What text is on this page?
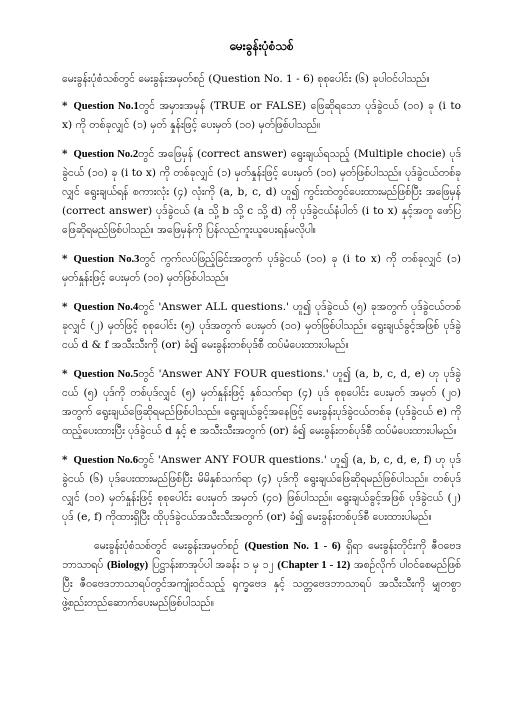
မေးခွန်းပုံစံသစ်

မေးခွန်းပုံစံသစ်တွင် မေးခွန်းအမှတ်စဉ် (Question No. 1 - 6) စုစုပေါင်း (၆) ခုပါဝင်ပါသည်။

* Question No.1တွင် အမှား၊အမှန် (TRUE or FALSE) ဖြေဆိုရသော ပုဒ်ခွဲငယ် (၁၀) ခု (i to x) ကို တစ်ခုလျှင် (၁) မှတ် နှုန်းဖြင့် ပေးမှတ် (၁၀) မှတ်ဖြစ်ပါသည်။

* Question No.2တွင် အဖြေမှန် (correct answer) ရွေးချယ်ရသည့် (Multiple chocie) ပုဒ်ခွဲငယ် (၁၀) ခု (i to x) ကို တစ်ခုလျှင် (၁) မှတ်နှုန်းဖြင့် ပေးမှတ် (၁၀) မှတ်ဖြစ်ပါသည်။ ပုဒ်ခွဲငယ်တစ်ခုလျှင် ရွေးချယ်ရန် စကားလုံး (၄) လုံးကို (a, b, c, d) ဟူ၍ ကွင်းထဲတွင်ပေးထားမည်ဖြစ်ပြီး အဖြေမှန် (correct answer) ပုဒ်ခွဲငယ် (a သို့ b သို့ c သို့ d) ကို ပုဒ်ခွဲငယ်နံပါတ် (i to x) နှင့်အတူ ဖော်ပြဖြေဆိုရမည်ဖြစ်ပါသည်။ အဖြေမှန်ကို ပြန်လည်ကူးယူပေးရန်မလိုပါ။

* Question No.3တွင် ကွက်လပ်ဖြည့်ခြင်းအတွက် ပုဒ်ခွဲငယ် (၁၀) ခု (i to x) ကို တစ်ခုလျှင် (၁) မှတ်နှုန်းဖြင့် ပေးမှတ် (၁၀) မှတ်ဖြစ်ပါသည်။

* Question No.4တွင် 'Answer ALL questions.' ဟူ၍ ပုဒ်ခွဲငယ် (၅) ခုအတွက် ပုဒ်ခွဲငယ်တစ်ခုလျှင် (၂) မှတ်ဖြင့် စုစုပေါင်း (၅) ပုဒ်အတွက် ပေးမှတ် (၁၀) မှတ်ဖြစ်ပါသည်။ ရွေးချယ်ခွင့်အဖြစ် ပုဒ်ခွဲငယ် d & f အသီးသီးကို (or) ခံ၍ မေးခွန်းတစ်ပုဒ်စီ ထပ်မံပေးထားပါမည်။

* Question No.5တွင် 'Answer ANY FOUR questions.' ဟူ၍ (a, b, c, d, e) ဟု ပုဒ်ခွဲငယ် (၅) ပုဒ်ကို တစ်ပုဒ်လျှင် (၅) မှတ်နှုန်းဖြင့် နှစ်သက်ရာ (၄) ပုဒ် စုစုပေါင်း ပေးမှတ် အမှတ် (၂၀) အတွက် ရွေးချယ်ဖြေဆိုရမည်ဖြစ်ပါသည်။ ရွေးချယ်ခွင့်အနေဖြင့် မေးခွန်းပုဒ်ခွဲငယ်တစ်ခု (ပုဒ်ခွဲငယ် e) ကို ထည့်ပေးထားပြီး ပုဒ်ခွဲငယ် d နှင့် e အသီးသီးအတွက် (or) ခံ၍ မေးခွန်းတစ်ပုဒ်စီ ထပ်မံပေးထားပါမည်။

* Question No.6တွင် 'Answer ANY FOUR questions.' ဟူ၍ (a, b, c, d, e, f) ဟု ပုဒ်ခွဲငယ် (၆) ပုဒ်ပေးထားမည်ဖြစ်ပြီး မိမိနှစ်သက်ရာ (၄) ပုဒ်ကို ရွေးချယ်ဖြေဆိုရမည်ဖြစ်ပါသည်။ တစ်ပုဒ်လျှင် (၁၀) မှတ်နှုန်းဖြင့် စုစုပေါင်း ပေးမှတ် အမှတ် (၄၀) ဖြစ်ပါသည်။ ရွေးချယ်ခွင့်အဖြစ် ပုဒ်ခွဲငယ် (၂) ပုဒ် (e, f) ကိုထားရှိပြီး ထိုပုဒ်ခွဲငယ်အသီးသီးအတွက် (or) ခံ၍ မေးခွန်းတစ်ပုဒ်စီ ပေးထားပါမည်။

မေးခွန်းပုံစံသစ်တွင် မေးခွန်းအမှတ်စဉ် (Question No. 1 - 6) ရှိရာ မေးခွန်းတိုင်းကို ဇီဝဗေဒဘာသာရပ် (Biology) ပြဋ္ဌာန်းစာအုပ်ပါ အခန်း ၁ မှ ၁၂ (Chapter 1 - 12) အစဉ်လိုက် ပါဝင်စေမည်ဖြစ်ပြီး ဇီဝဗေဒဘာသာရပ်တွင်အကျုံးဝင်သည့် ရုက္ခဗေဒ နှင့် သတ္တဗေဒဘာသာရပ် အသီးသီးကို မျှတစွာ ဖွဲ့စည်းတည်ဆောက်ပေးမည်ဖြစ်ပါသည်။
